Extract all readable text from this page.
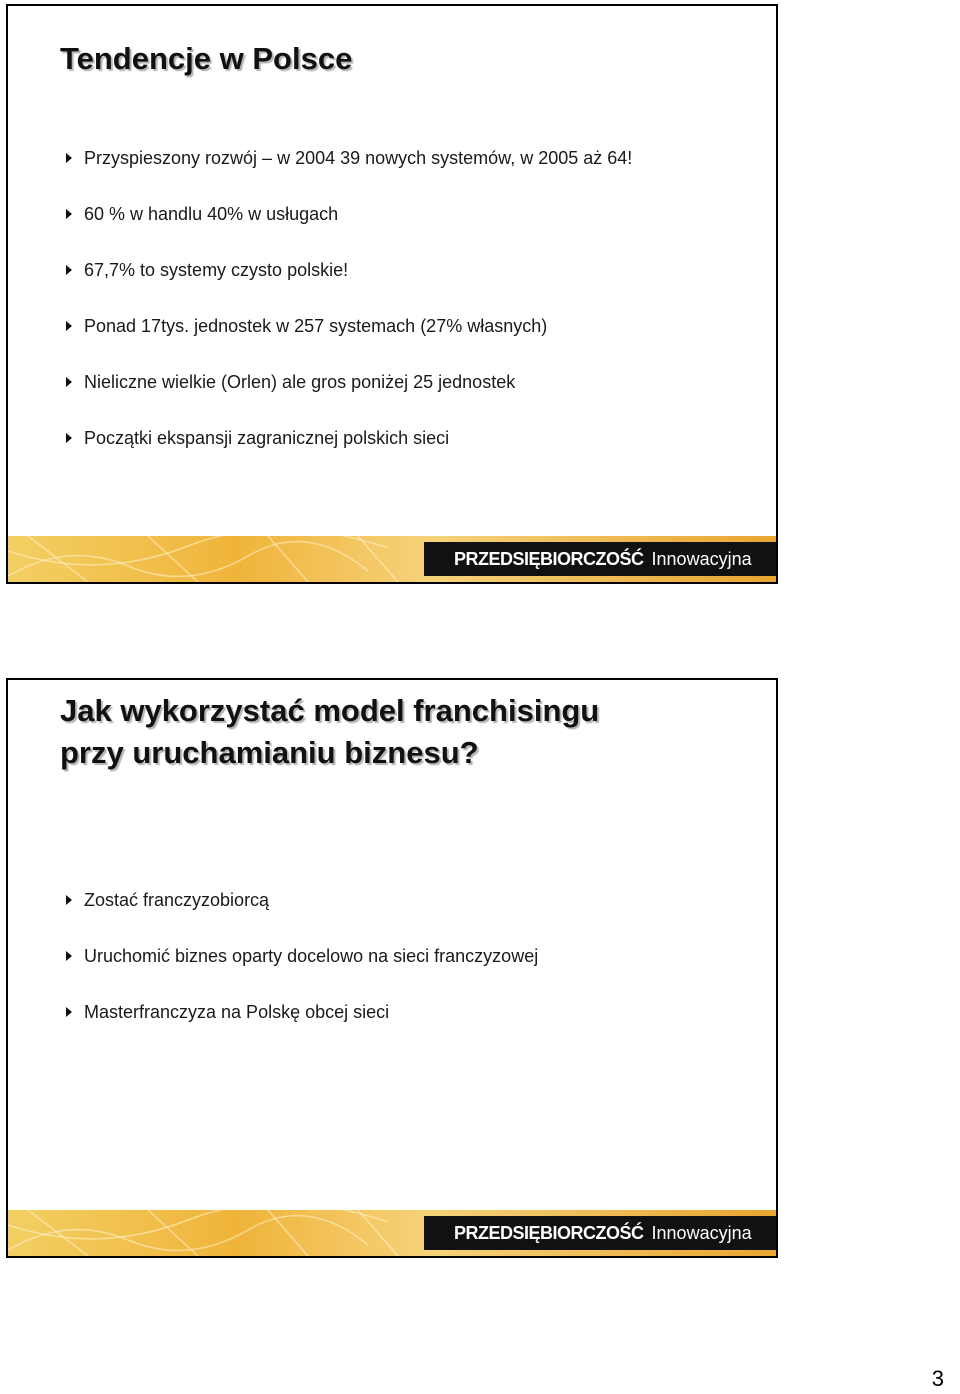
Tendencje w Polsce
Przyspieszony rozwój – w 2004 39 nowych systemów, w 2005 aż 64!
60 % w handlu 40% w usługach
67,7% to systemy czysto polskie!
Ponad 17tys. jednostek w 257 systemach (27% własnych)
Nieliczne wielkie (Orlen) ale gros poniżej 25 jednostek
Początki ekspansji zagranicznej polskich sieci
PRZEDSIĘBIORCZOŚĆ Innowacyjna
Jak wykorzystać model franchisingu
przy uruchamianiu biznesu?
Zostać franczyzobiorcą
Uruchomić biznes oparty docelowo na sieci franczyzowej
Masterfranczyza na Polskę obcej sieci
PRZEDSIĘBIORCZOŚĆ Innowacyjna
3
